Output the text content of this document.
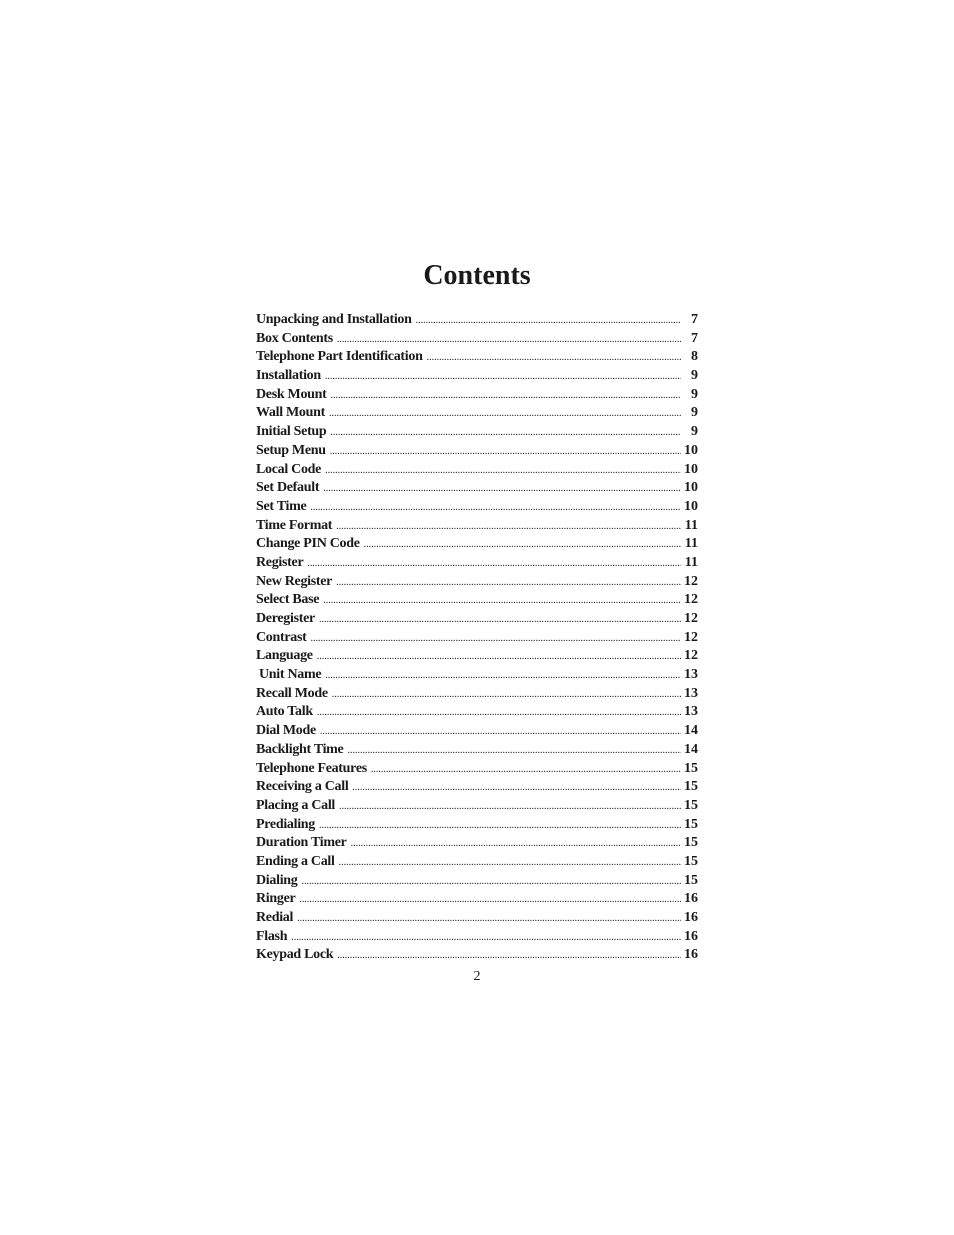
Contents
Unpacking and Installation .....	7
Box Contents .....	7
Telephone Part Identification .....	8
Installation .....	9
Desk Mount .....	9
Wall Mount .....	9
Initial Setup .....	9
Setup Menu .....	10
Local Code .....	10
Set Default .....	10
Set Time .....	10
Time Format .....	11
Change PIN Code .....	11
Register .....	11
New Register .....	12
Select Base .....	12
Deregister .....	12
Contrast .....	12
Language .....	12
Unit Name .....	13
Recall Mode .....	13
Auto Talk .....	13
Dial Mode .....	14
Backlight Time .....	14
Telephone Features .....	15
Receiving a Call .....	15
Placing a Call .....	15
Predialing .....	15
Duration Timer .....	15
Ending a Call .....	15
Dialing .....	15
Ringer .....	16
Redial .....	16
Flash .....	16
Keypad Lock .....	16
2
